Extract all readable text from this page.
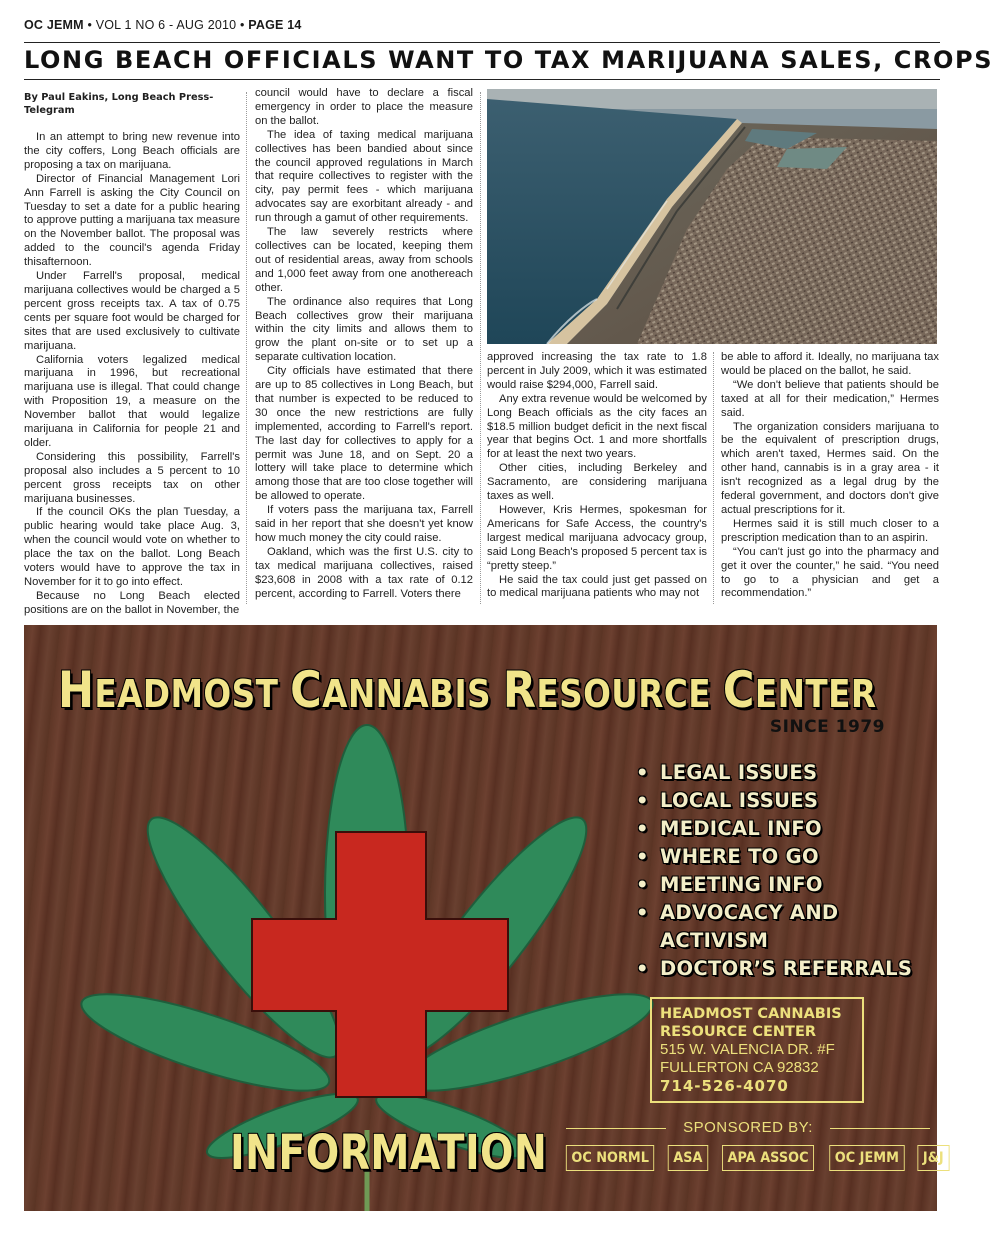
OC JEMM • VOL 1 NO 6 - AUG 2010 • PAGE 14
LONG BEACH OFFICIALS WANT TO TAX MARIJUANA SALES, CROPS

By Paul Eakins, Long Beach Press-Telegram

In an attempt to bring new revenue into the city coffers, Long Beach officials are proposing a tax on marijuana.

Director of Financial Management Lori Ann Farrell is asking the City Council on Tuesday to set a date for a public hearing to approve putting a marijuana tax measure on the November ballot. The proposal was added to the council's agenda Friday thisafternoon.

Under Farrell's proposal, medical marijuana collectives would be charged a 5 percent gross receipts tax. A tax of 0.75 cents per square foot would be charged for sites that are used exclusively to cultivate marijuana.

California voters legalized medical marijuana in 1996, but recreational marijuana use is illegal. That could change with Proposition 19, a measure on the November ballot that would legalize marijuana in California for people 21 and older.

Considering this possibility, Farrell's proposal also includes a 5 percent to 10 percent gross receipts tax on other marijuana businesses.

If the council OKs the plan Tuesday, a public hearing would take place Aug. 3, when the council would vote on whether to place the tax on the ballot. Long Beach voters would have to approve the tax in November for it to go into effect.

Because no Long Beach elected positions are on the ballot in November, the

council would have to declare a fiscal emergency in order to place the measure on the ballot.

The idea of taxing medical marijuana collectives has been bandied about since the council approved regulations in March that require collectives to register with the city, pay permit fees - which marijuana advocates say are exorbitant already - and run through a gamut of other requirements.

The law severely restricts where collectives can be located, keeping them out of residential areas, away from schools and 1,000 feet away from one anothereach other.

The ordinance also requires that Long Beach collectives grow their marijuana within the city limits and allows them to grow the plant on-site or to set up a separate cultivation location.

City officials have estimated that there are up to 85 collectives in Long Beach, but that number is expected to be reduced to 30 once the new restrictions are fully implemented, according to Farrell's report. The last day for collectives to apply for a permit was June 18, and on Sept. 20 a lottery will take place to determine which among those that are too close together will be allowed to operate.

If voters pass the marijuana tax, Farrell said in her report that she doesn't yet know how much money the city could raise.

Oakland, which was the first U.S. city to tax medical marijuana collectives, raised $23,608 in 2008 with a tax rate of 0.12 percent, according to Farrell. Voters there

approved increasing the tax rate to 1.8 percent in July 2009, which it was estimated would raise $294,000, Farrell said.

Any extra revenue would be welcomed by Long Beach officials as the city faces an $18.5 million budget deficit in the next fiscal year that begins Oct. 1 and more shortfalls for at least the next two years.

Other cities, including Berkeley and Sacramento, are considering marijuana taxes as well.

However, Kris Hermes, spokesman for Americans for Safe Access, the country's largest medical marijuana advocacy group, said Long Beach's proposed 5 percent tax is “pretty steep.”

He said the tax could just get passed on to medical marijuana patients who may not

be able to afford it. Ideally, no marijuana tax would be placed on the ballot, he said.

“We don't believe that patients should be taxed at all for their medication,” Hermes said.

The organization considers marijuana to be the equivalent of prescription drugs, which aren't taxed, Hermes said. On the other hand, cannabis is in a gray area - it isn't recognized as a legal drug by the federal government, and doctors don't give actual prescriptions for it.

Hermes said it is still much closer to a prescription medication than to an aspirin.

“You can't just go into the pharmacy and get it over the counter,” he said. “You need to go to a physician and get a recommendation.”

HEADMOST CANNABIS RESOURCE CENTER
SINCE 1979
• LEGAL ISSUES
• LOCAL ISSUES
• MEDICAL INFO
• WHERE TO GO
• MEETING INFO
• ADVOCACY AND
ACTIVISM
• DOCTOR’S REFERRALS
HEADMOST CANNABIS
RESOURCE CENTER
515 W. VALENCIA DR. #F
FULLERTON CA 92832
714-526-4070
SPONSORED BY:
OC NORML	ASA	APA ASSOC	OC JEMM	J&J
INFORMATION
